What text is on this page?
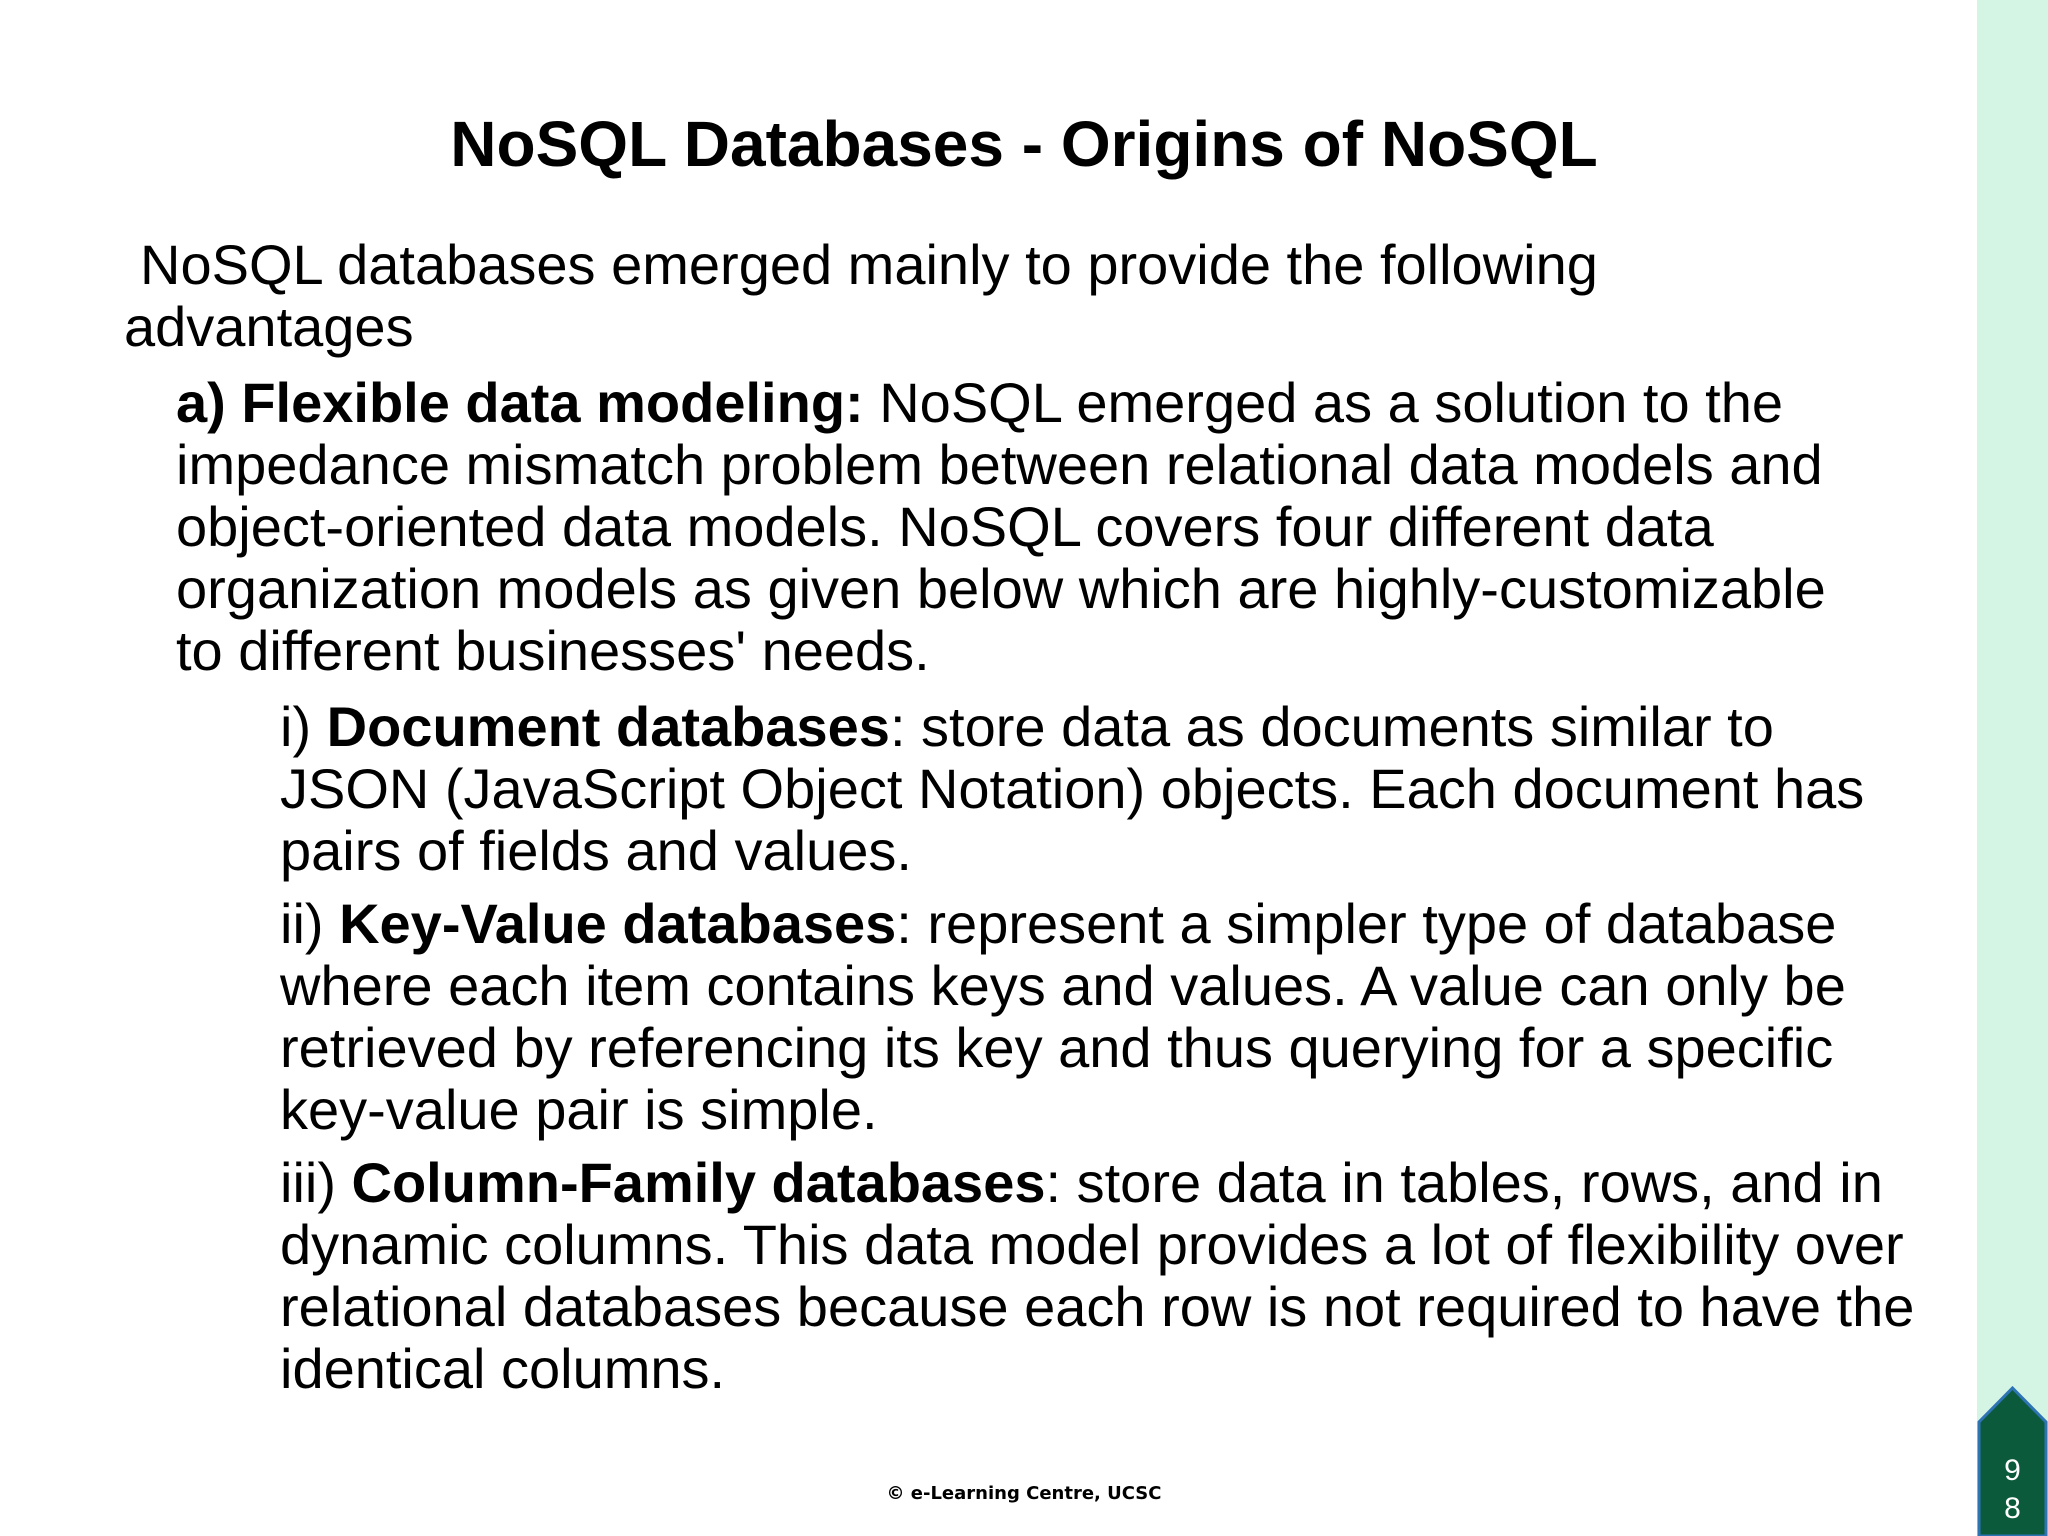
NoSQL Databases - Origins of NoSQL

NoSQL databases emerged mainly to provide the following
advantages

a) Flexible data modeling: NoSQL emerged as a solution to the impedance mismatch problem between relational data models and object-oriented data models. NoSQL covers four different data organization models as given below which are highly-customizable to different businesses' needs.

i) Document databases: store data as documents similar to JSON (JavaScript Object Notation) objects. Each document has pairs of fields and values.

ii) Key-Value databases: represent a simpler type of database where each item contains keys and values. A value can only be retrieved by referencing its key and thus querying for a specific key-value pair is simple.

iii) Column-Family databases: store data in tables, rows, and in dynamic columns. This data model provides a lot of flexibility over relational databases because each row is not required to have the identical columns.

© e-Learning Centre, UCSC
9
8
